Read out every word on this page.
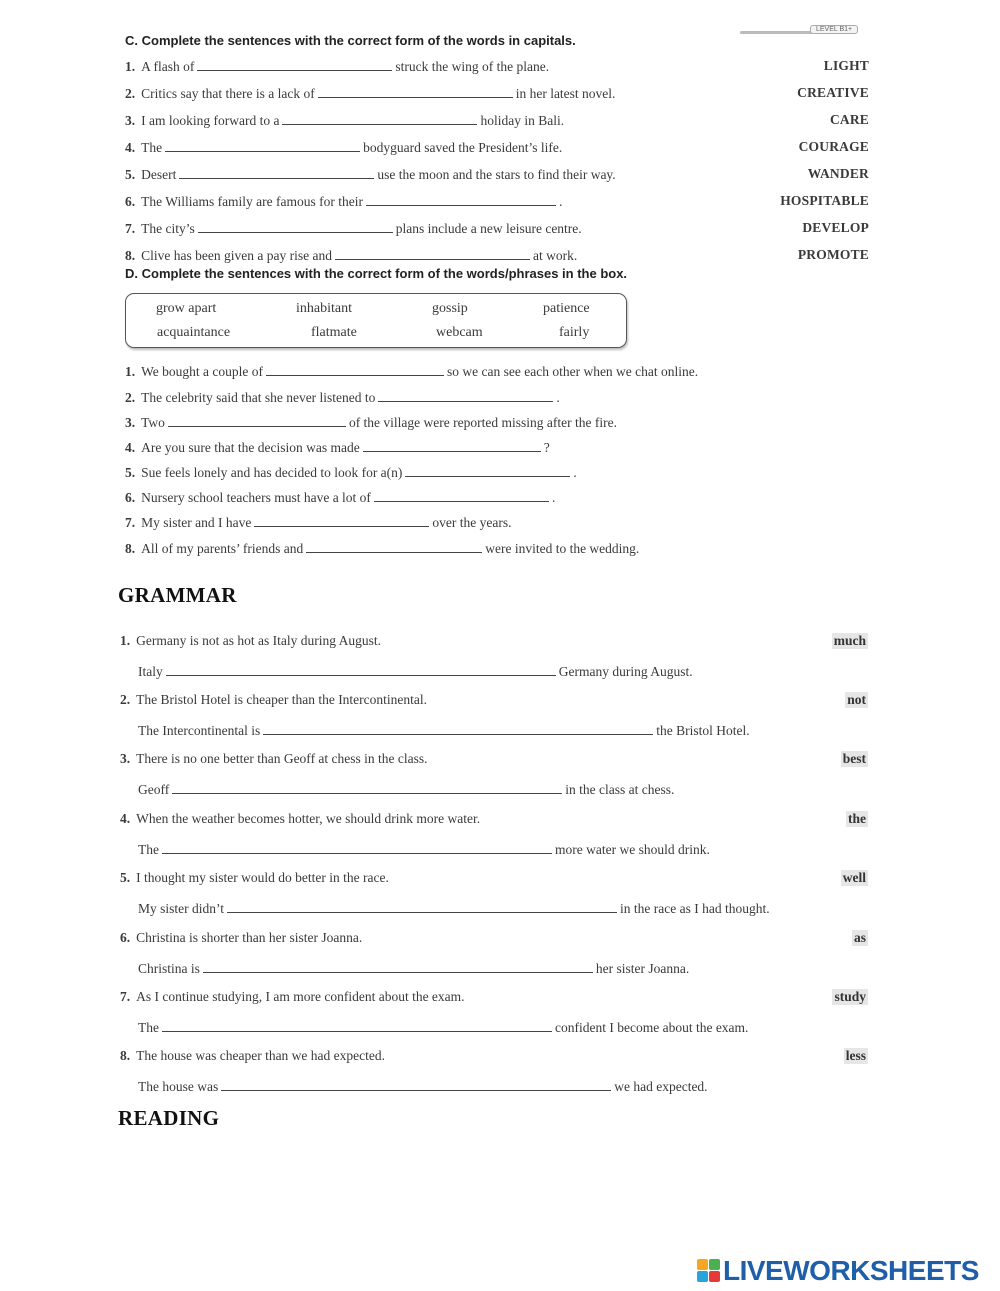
LEVEL B1+
C. Complete the sentences with the correct form of the words in capitals.
1. A flash of	struck the wing of the plane.	LIGHT
2. Critics say that there is a lack of	in her latest novel.	CREATIVE
3. I am looking forward to a	holiday in Bali.	CARE
4. The	bodyguard saved the President’s life.	COURAGE
5. Desert	use the moon and the stars to find their way.	WANDER
6. The Williams family are famous for their	.	HOSPITABLE
7. The city’s	plans include a new leisure centre.	DEVELOP
8. Clive has been given a pay rise and	at work.	PROMOTE
D. Complete the sentences with the correct form of the words/phrases in the box.
grow apart	inhabitant	gossip	patience
acquaintance	flatmate	webcam	fairly
1. We bought a couple of	so we can see each other when we chat online.
2. The celebrity said that she never listened to	.
3. Two	of the village were reported missing after the fire.
4. Are you sure that the decision was made	?
5. Sue feels lonely and has decided to look for a(n)	.
6. Nursery school teachers must have a lot of	.
7. My sister and I have	over the years.
8. All of my parents’ friends and	were invited to the wedding.
GRAMMAR
1. Germany is not as hot as Italy during August.	much
Italy	Germany during August.
2. The Bristol Hotel is cheaper than the Intercontinental.	not
The Intercontinental is	the Bristol Hotel.
3. There is no one better than Geoff at chess in the class.	best
Geoff	in the class at chess.
4. When the weather becomes hotter, we should drink more water.	the
The	more water we should drink.
5. I thought my sister would do better in the race.	well
My sister didn’t	in the race as I had thought.
6. Christina is shorter than her sister Joanna.	as
Christina is	her sister Joanna.
7. As I continue studying, I am more confident about the exam.	study
The	confident I become about the exam.
8. The house was cheaper than we had expected.	less
The house was	we had expected.
READING
LIVEWORKSHEETS
